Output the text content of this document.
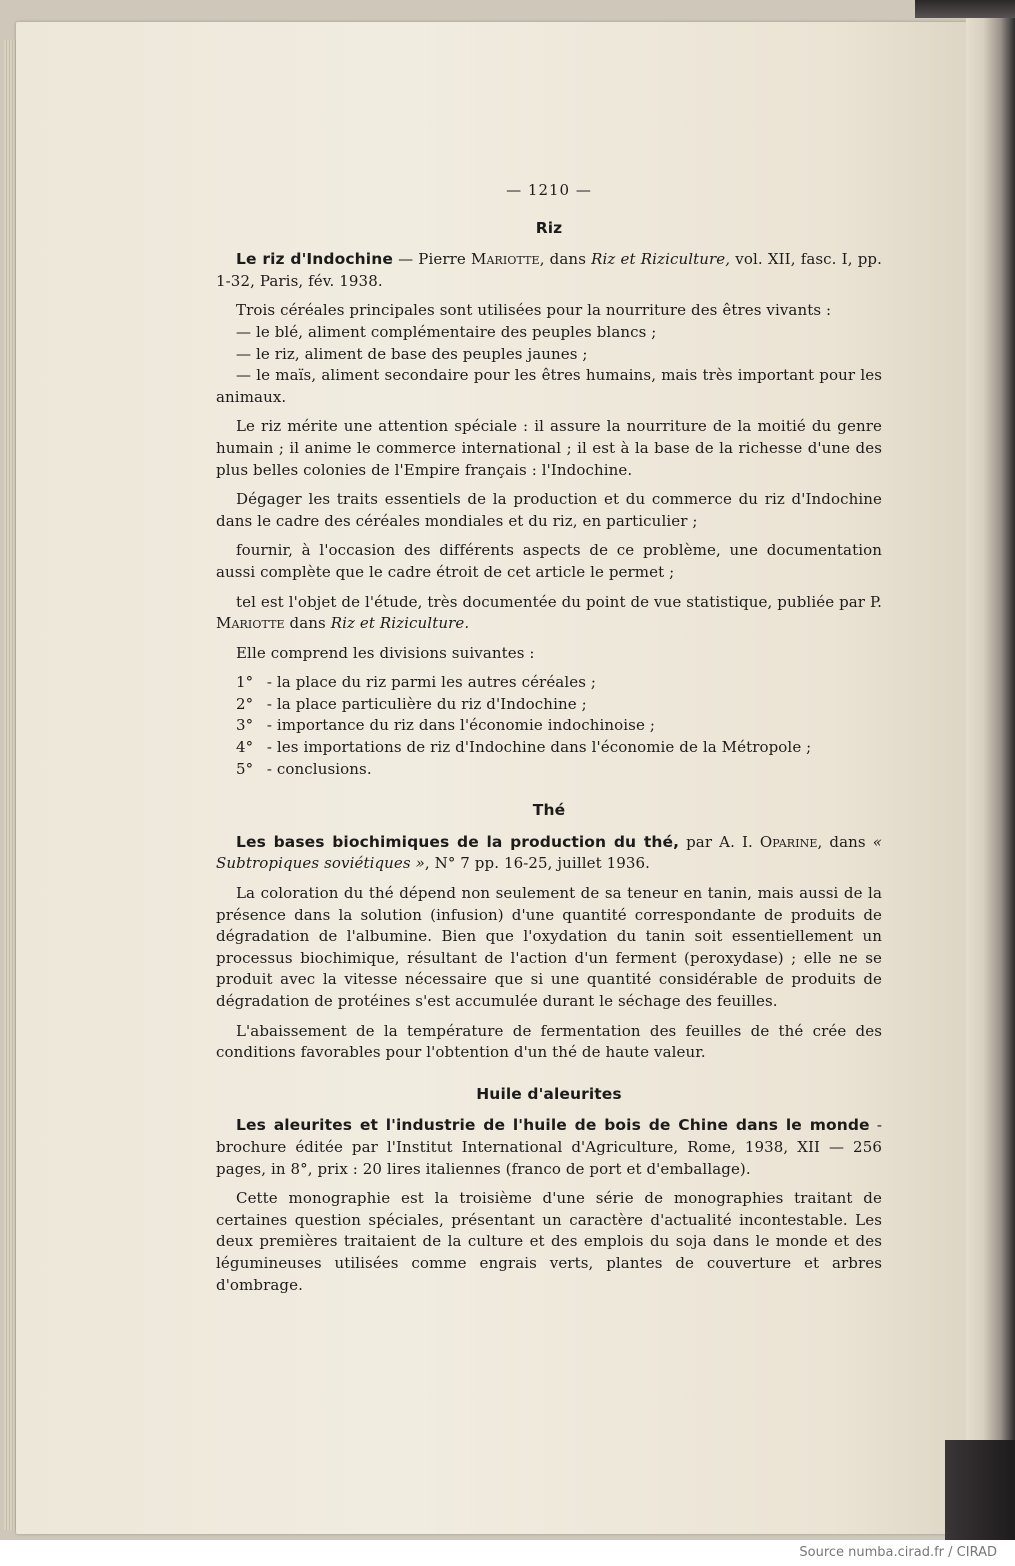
— 1210 —
Riz

Le riz d'Indochine — Pierre Mariotte, dans Riz et Riziculture, vol. XII, fasc. I, pp. 1-32, Paris, fév. 1938.

Trois céréales principales sont utilisées pour la nourriture des êtres vivants :

— le blé, aliment complémentaire des peuples blancs ;

— le riz, aliment de base des peuples jaunes ;

— le maïs, aliment secondaire pour les êtres humains, mais très important pour les animaux.

Le riz mérite une attention spéciale : il assure la nourriture de la moitié du genre humain ; il anime le commerce international ; il est à la base de la richesse d'une des plus belles colonies de l'Empire français : l'Indochine.

Dégager les traits essentiels de la production et du commerce du riz d'Indochine dans le cadre des céréales mondiales et du riz, en particulier ;

fournir, à l'occasion des différents aspects de ce problème, une documentation aussi complète que le cadre étroit de cet article le permet ;

tel est l'objet de l'étude, très documentée du point de vue statistique, publiée par P. Mariotte dans Riz et Riziculture.

Elle comprend les divisions suivantes :

1° - la place du riz parmi les autres céréales ;

2° - la place particulière du riz d'Indochine ;

3° - importance du riz dans l'économie indochinoise ;

4° - les importations de riz d'Indochine dans l'économie de la Métropole ;

5° - conclusions.

Thé

Les bases biochimiques de la production du thé, par A. I. Oparine, dans « Subtropiques soviétiques », N° 7 pp. 16-25, juillet 1936.

La coloration du thé dépend non seulement de sa teneur en tanin, mais aussi de la présence dans la solution (infusion) d'une quantité correspondante de produits de dégradation de l'albumine. Bien que l'oxydation du tanin soit essentiellement un processus biochimique, résultant de l'action d'un ferment (peroxydase) ; elle ne se produit avec la vitesse nécessaire que si une quantité considérable de produits de dégradation de protéines s'est accumulée durant le séchage des feuilles.

L'abaissement de la température de fermentation des feuilles de thé crée des conditions favorables pour l'obtention d'un thé de haute valeur.

Huile d'aleurites

Les aleurites et l'industrie de l'huile de bois de Chine dans le monde - brochure éditée par l'Institut International d'Agriculture, Rome, 1938, XII — 256 pages, in 8°, prix : 20 lires italiennes (franco de port et d'emballage).

Cette monographie est la troisième d'une série de monographies traitant de certaines question spéciales, présentant un caractère d'actualité incontestable. Les deux premières traitaient de la culture et des emplois du soja dans le monde et des légumineuses utilisées comme engrais verts, plantes de couverture et arbres d'ombrage.

Source numba.cirad.fr / CIRAD
